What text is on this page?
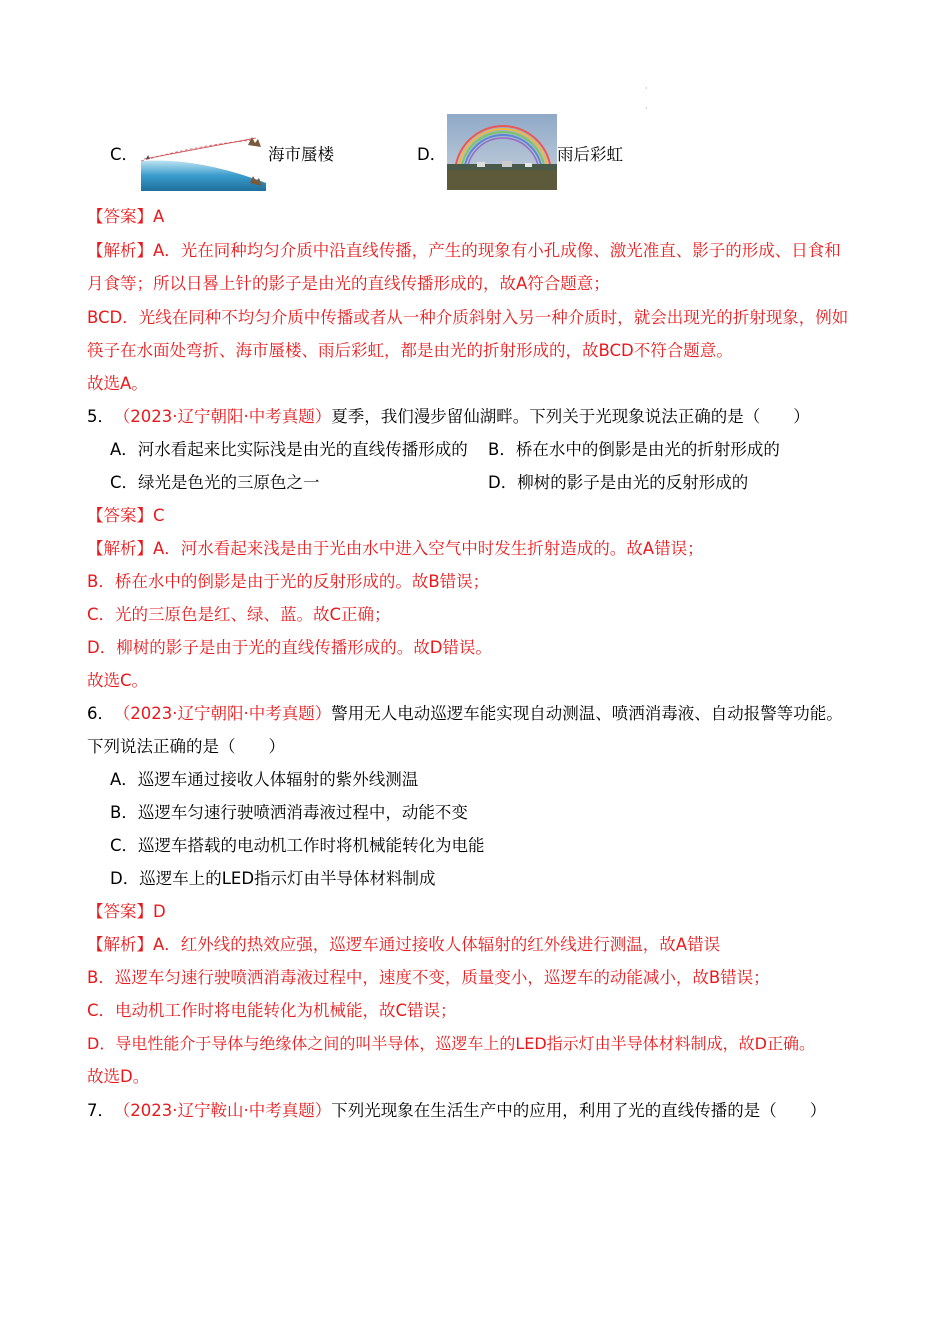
·

·
C．	海市蜃楼	D．	雨后彩虹
【答案】A
【解析】A．光在同种均匀介质中沿直线传播，产生的现象有小孔成像、激光准直、影子的形成、日食和
月食等；所以日晷上针的影子是由光的直线传播形成的，故A符合题意；
BCD．光线在同种不均匀介质中传播或者从一种介质斜射入另一种介质时，就会出现光的折射现象，例如
筷子在水面处弯折、海市蜃楼、雨后彩虹，都是由光的折射形成的，故BCD不符合题意。
故选A。
5． （2023·辽宁朝阳·中考真题）夏季，我们漫步留仙湖畔。下列关于光现象说法正确的是（　　）
A．河水看起来比实际浅是由光的直线传播形成的 B．桥在水中的倒影是由光的折射形成的
C．绿光是色光的三原色之一	D．柳树的影子是由光的反射形成的
【答案】C
【解析】A．河水看起来浅是由于光由水中进入空气中时发生折射造成的。故A错误；
B．桥在水中的倒影是由于光的反射形成的。故B错误；
C．光的三原色是红、绿、蓝。故C正确；
D．柳树的影子是由于光的直线传播形成的。故D错误。
故选C。
6． （2023·辽宁朝阳·中考真题）警用无人电动巡逻车能实现自动测温、喷洒消毒液、自动报警等功能。
下列说法正确的是（　　）
A．巡逻车通过接收人体辐射的紫外线测温
B．巡逻车匀速行驶喷洒消毒液过程中，动能不变
C．巡逻车搭载的电动机工作时将机械能转化为电能
D．巡逻车上的LED指示灯由半导体材料制成
【答案】D
【解析】A．红外线的热效应强，巡逻车通过接收人体辐射的红外线进行测温，故A错误
B．巡逻车匀速行驶喷洒消毒液过程中，速度不变，质量变小，巡逻车的动能减小，故B错误；
C．电动机工作时将电能转化为机械能，故C错误；
D．导电性能介于导体与绝缘体之间的叫半导体，巡逻车上的LED指示灯由半导体材料制成，故D正确。
故选D。
7． （2023·辽宁鞍山·中考真题）下列光现象在生活生产中的应用，利用了光的直线传播的是（　　）
